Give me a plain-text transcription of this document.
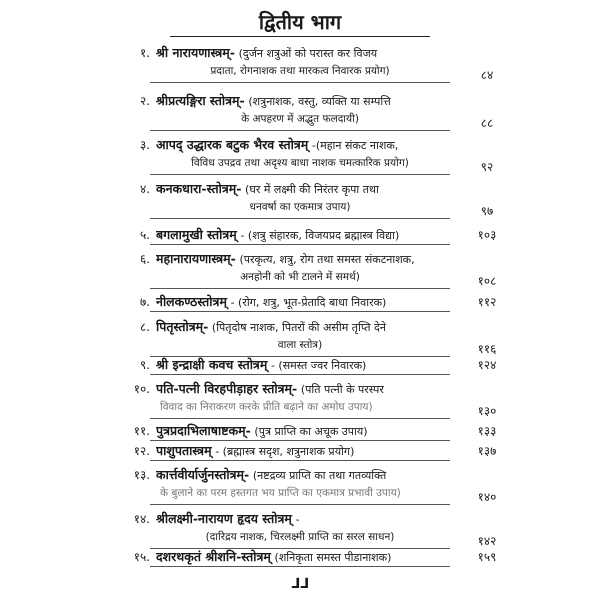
द्वितीय भाग
१. श्री नारायणास्त्रम्- (दुर्जन शत्रुओं को परास्त कर विजय
प्रदाता, रोगनाशक तथा मारकत्व निवारक प्रयोग)	८४
२. श्रीप्रत्यङ्गिरा स्तोत्रम्- (शत्रुनाशक, वस्तु, व्यक्ति या सम्पत्ति
के अपहरण में अद्भुत फलदायी)	८८
३. आपद् उद्धारक बटुक भैरव स्तोत्रम् -(महान संकट नाशक,
विविध उपद्रव तथा अदृश्य बाधा नाशक चमत्कारिक प्रयोग)	९२
४. कनकधारा-स्तोत्रम्- (घर में लक्ष्मी की निरंतर कृपा तथा
धनवर्षा का एकमात्र उपाय)	९७
५. बगलामुखी स्तोत्रम् - (शत्रु संहारक, विजयप्रद ब्रह्मास्त्र विद्या)	१०३
६. महानारायणास्त्रम्- (परकृत्य, शत्रु, रोग तथा समस्त संकटनाशक,
अनहोनी को भी टालने में समर्थ)	१०८
७. नीलकण्ठस्तोत्रम् - (रोग, शत्रु, भूत-प्रेतादि बाधा निवारक)	११२
८. पितृस्तोत्रम्- (पितृदोष नाशक, पितरों की असीम तृप्ति देने
वाला स्तोत्र)	११६
९. श्री इन्द्राक्षी कवच स्तोत्रम् - (समस्त ज्वर निवारक)	१२४
१०. पति-पत्नी विरहपीड़ाहर स्तोत्रम्- (पति पत्नी के परस्पर
विवाद का निराकरण करके प्रीति बढ़ाने का अमोघ उपाय)	१३०
११. पुत्रप्रदाभिलाषाष्टकम्- (पुत्र प्राप्ति का अचूक उपाय)	१३३
१२. पाशुपतास्त्रम् - (ब्रह्मास्त्र सदृश, शत्रुनाशक प्रयोग)	१३७
१३. कार्त्तवीर्यार्जुनस्तोत्रम्- (नष्टद्रव्य प्राप्ति का तथा गतव्यक्ति
के बुलाने का परम हस्तगत भय प्राप्ति का एकमात्र प्रभावी उपाय)	१४०
१४. श्रीलक्ष्मी-नारायण हृदय स्तोत्रम् -
(दारिद्रय नाशक, चिरलक्ष्मी प्राप्ति का सरल साधन)	१४२
१५. दशरथकृतं श्रीशनि-स्तोत्रम् (शनिकृता समस्त पीडानाशक)	१५९
⅃⅃
